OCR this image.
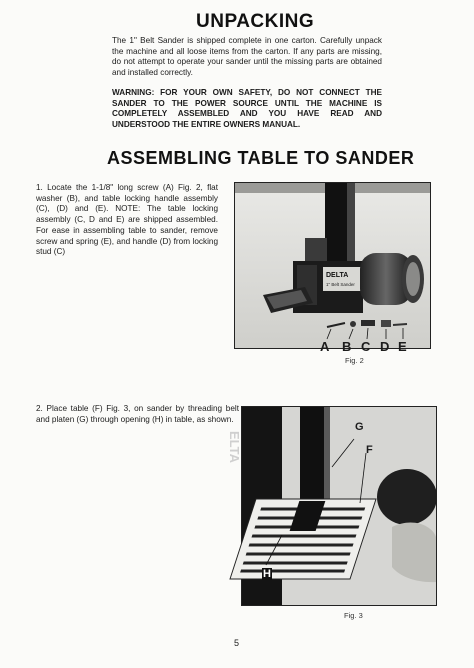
UNPACKING

The 1" Belt Sander is shipped complete in one carton. Carefully unpack the machine and all loose items from the carton. If any parts are missing, do not attempt to operate your sander until the missing parts are obtained and installed correctly.

WARNING: FOR YOUR OWN SAFETY, DO NOT CONNECT THE SANDER TO THE POWER SOURCE UNTIL THE MACHINE IS COMPLETELY ASSEMBLED AND YOU HAVE READ AND UNDERSTOOD THE ENTIRE OWNERS MANUAL.

ASSEMBLING TABLE TO SANDER

1. Locate the 1-1/8" long screw (A) Fig. 2, flat washer (B), and table locking handle assembly (C), (D) and (E). NOTE: The table locking assembly (C, D and E) are shipped assembled. For ease in assembling table to sander, remove screw and spring (E), and handle (D) from locking stud (C)

DELTA
1" Belt Sander
A B C D E
Fig. 2

2. Place table (F) Fig. 3, on sander by threading belt and platen (G) through opening (H) in table, as shown.

ELTA
G
F
H
Fig. 3
5
